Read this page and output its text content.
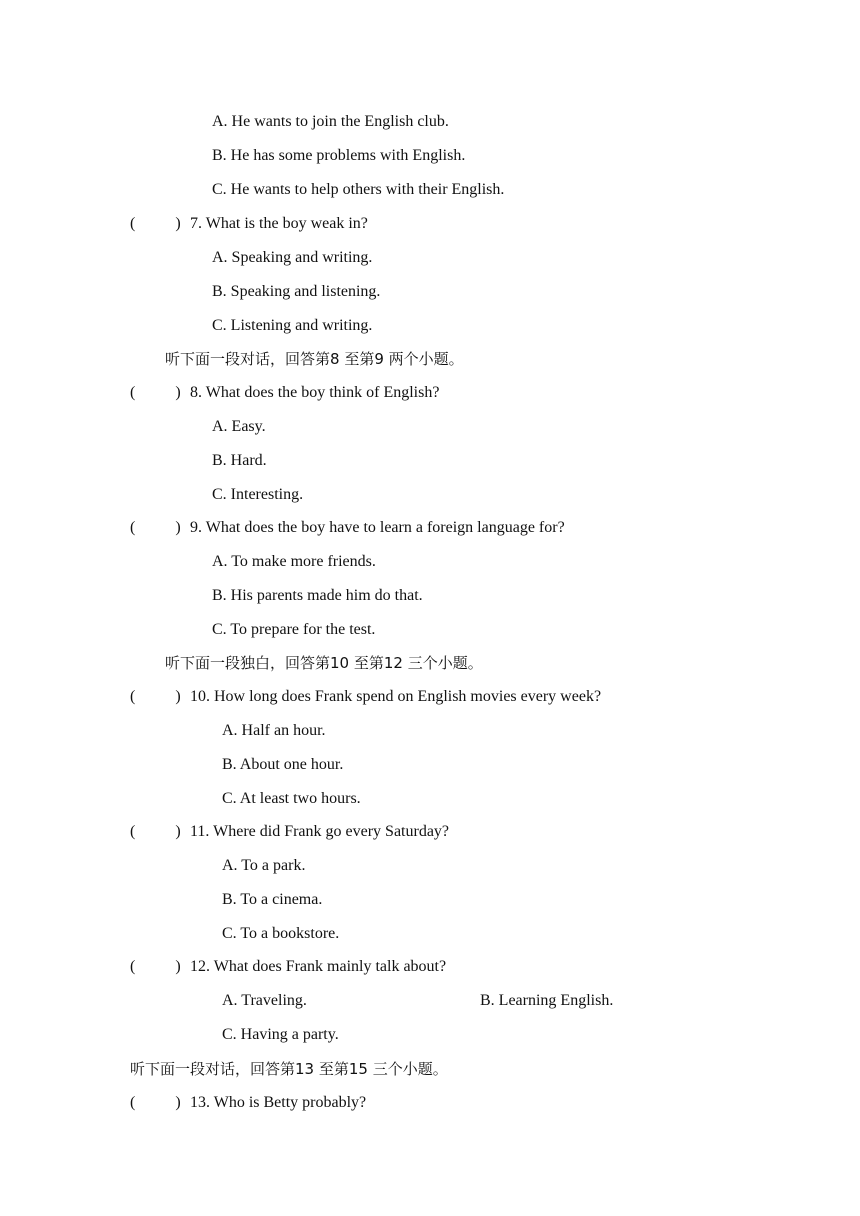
A. He wants to join the English club.
B. He has some problems with English.
C. He wants to help others with their English.
(          ) 7. What is the boy weak in?
A. Speaking and writing.
B. Speaking and listening.
C. Listening and writing.
听下面一段对话，回答第8 至第9 两个小题。
(          ) 8. What does the boy think of English?
A. Easy.
B. Hard.
C. Interesting.
(          ) 9. What does the boy have to learn a foreign language for?
A. To make more friends.
B. His parents made him do that.
C. To prepare for the test.
听下面一段独白，回答第10 至第12 三个小题。
(          ) 10. How long does Frank spend on English movies every week?
A. Half an hour.
B. About one hour.
C. At least two hours.
(          ) 11. Where did Frank go every Saturday?
A. To a park.
B. To a cinema.
C. To a bookstore.
(          ) 12. What does Frank mainly talk about?
A. Traveling.	B. Learning English.
C. Having a party.
听下面一段对话，回答第13 至第15 三个小题。
(          ) 13. Who is Betty probably?
